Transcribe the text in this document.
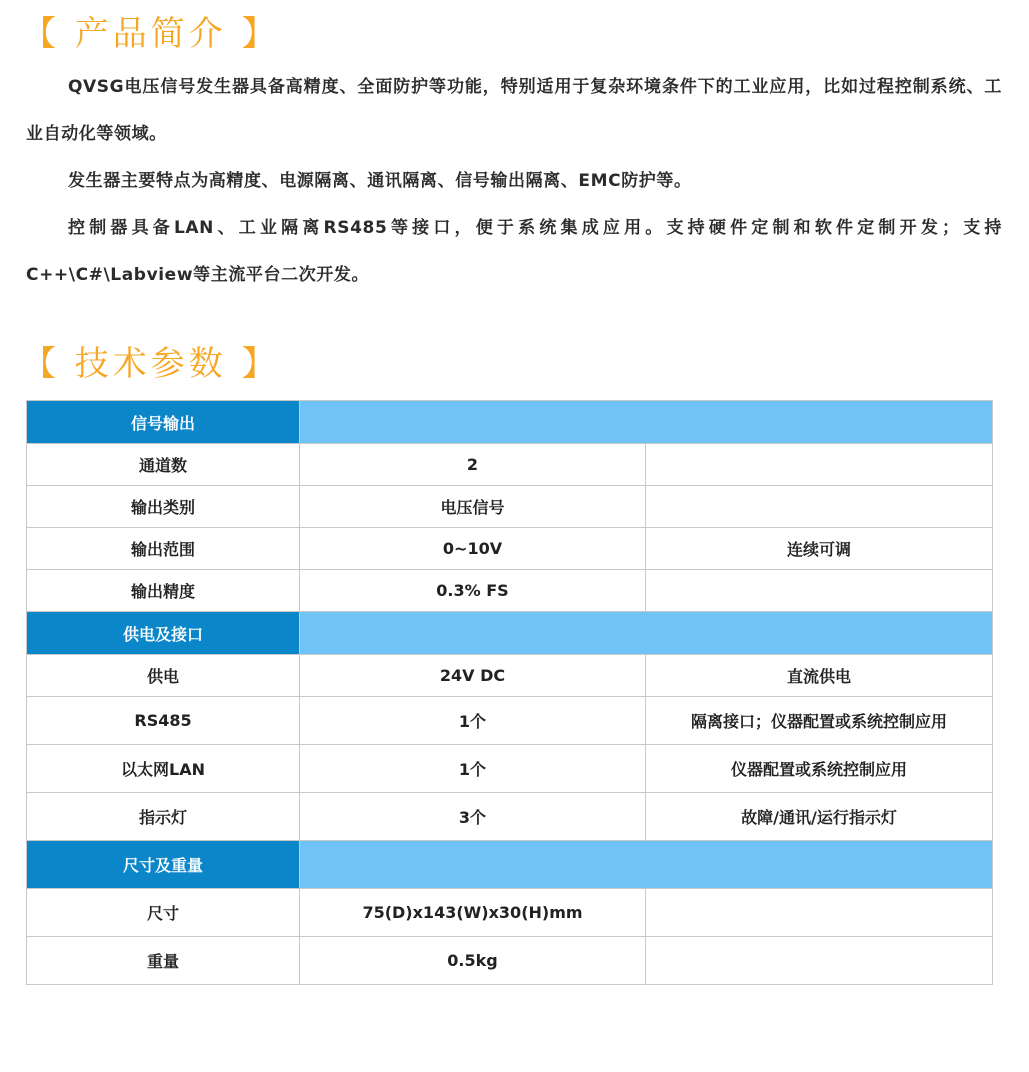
【 产品简介 】

QVSG电压信号发生器具备高精度、全面防护等功能，特别适用于复杂环境条件下的工业应用，比如过程控制系统、工业自动化等领域。

发生器主要特点为高精度、电源隔离、通讯隔离、信号输出隔离、EMC防护等。

控制器具备LAN、工业隔离RS485等接口，便于系统集成应用。支持硬件定制和软件定制开发；支持C++\C#\Labview等主流平台二次开发。

【 技术参数 】
信号输出		
通道数	2	
输出类别	电压信号	
输出范围	0~10V	连续可调
输出精度	0.3% FS	
供电及接口		
供电	24V DC	直流供电
RS485	1个	隔离接口；仪器配置或系统控制应用
以太网LAN	1个	仪器配置或系统控制应用
指示灯	3个	故障/通讯/运行指示灯
尺寸及重量		
尺寸	75(D)x143(W)x30(H)mm	
重量	0.5kg	
